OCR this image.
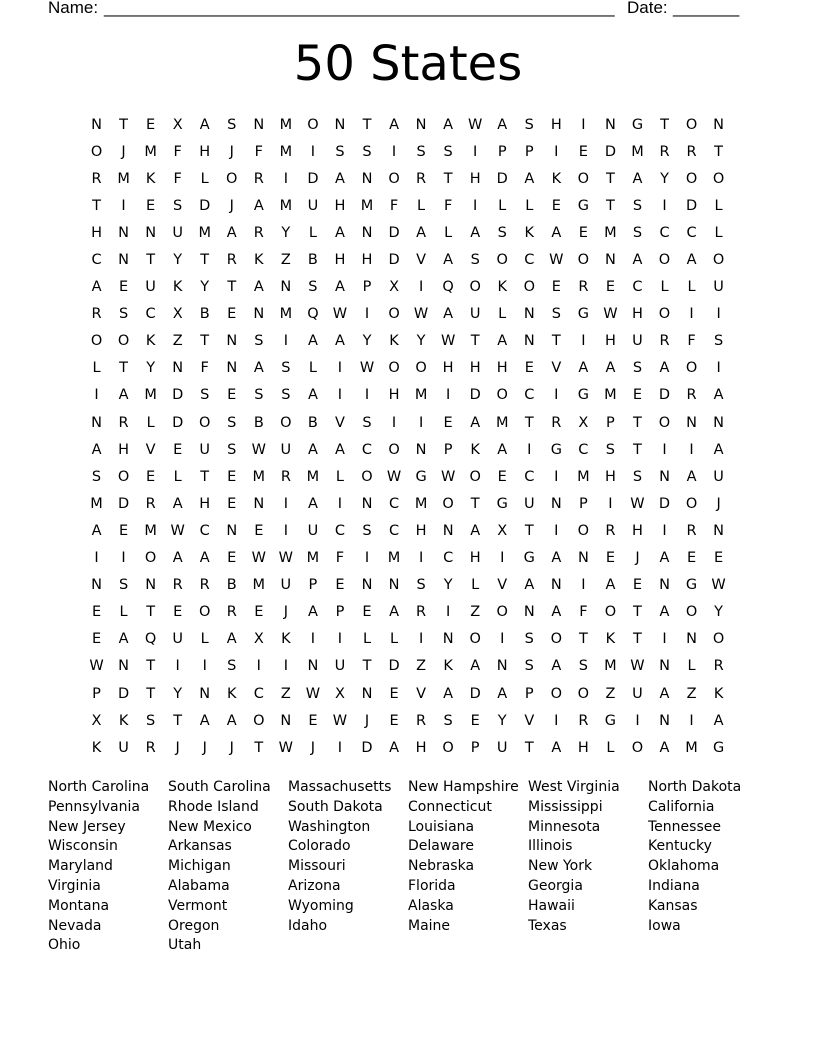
Name: ______________________________________________________ Date: _______
50 States
N	T	E	X	A	S	N	M	O	N	T	A	N	A	W	A	S	H	I	N	G	T	O	N
O	J	M	F	H	J	F	M	I	S	S	I	S	S	I	P	P	I	E	D	M	R	R	T
R	M	K	F	L	O	R	I	D	A	N	O	R	T	H	D	A	K	O	T	A	Y	O	O
T	I	E	S	D	J	A	M	U	H	M	F	L	F	I	L	L	E	G	T	S	I	D	L
H	N	N	U	M	A	R	Y	L	A	N	D	A	L	A	S	K	A	E	M	S	C	C	L
C	N	T	Y	T	R	K	Z	B	H	H	D	V	A	S	O	C	W O	N	A	O	A	O
A	E	U	K	Y	T	A	N	S	A	P	X	I	Q	O	K	O	E	R	E	C	L	L	U
R	S	C	X	B	E	N	M	Q W	I	O W	A	U	L	N	S	G W H	O	I	I
O	O	K	Z	T	N	S	I	A	A	Y	K	Y	W	T	A	N	T	I	H	U	R	F	S
L	T	Y	N	F	N	A	S	L	I	W O	O	H	H	H	E	V	A	A	S	A	O	I
I	A	M	D	S	E	S	S	A	I	I	H	M	I	D	O	C	I	G	M	E	D	R	A
N	R	L	D	O	S	B	O	B	V	S	I	I	E	A	M	T	R	X	P	T	O	N	N
A	H	V	E	U	S	W	U	A	A	C	O	N	P	K	A	I	G	C	S	T	I	I	A
S	O	E	L	T	E	M	R	M	L	O W G W O	E	C	I	M	H	S	N	A	U
M	D	R	A	H	E	N	I	A	I	N	C	M	O	T	G	U	N	P	I	W D	O	J
A	E	M W	C	N	E	I	U	C	S	C	H	N	A	X	T	I	O	R	H	I	R	N
I	I	O	A	A	E	W W M	F	I	M	I	C	H	I	G	A	N	E	J	A	E	E
N	S	N	R	R	B	M	U	P	E	N	N	S	Y	L	V	A	N	I	A	E	N	G W
E	L	T	E	O	R	E	J	A	P	E	A	R	I	Z	O	N	A	F	O	T	A	O	Y
E	A	Q	U	L	A	X	K	I	I	L	L	I	N	O	I	S	O	T	K	T	I	N	O
W N	T	I	I	S	I	I	N	U	T	D	Z	K	A	N	S	A	S	M W N	L	R
P	D	T	Y	N	K	C	Z	W	X	N	E	V	A	D	A	P	O	O	Z	U	A	Z	K
X	K	S	T	A	A	O	N	E	W	J	E	R	S	E	Y	V	I	R	G	I	N	I	A
K	U	R	J	J	J	T	W	J	I	D	A	H	O	P	U	T	A	H	L	O	A	M	G
North Carolina
Pennsylvania
New Jersey
Wisconsin
Maryland
Virginia
Montana
Nevada
Ohio
South Carolina
Rhode Island
New Mexico
Arkansas
Michigan
Alabama
Vermont
Oregon
Utah
Massachusetts
South Dakota
Washington
Colorado
Missouri
Arizona
Wyoming
Idaho
New Hampshire
Connecticut
Louisiana
Delaware
Nebraska
Florida
Alaska
Maine
West Virginia
Mississippi
Minnesota
Illinois
New York
Georgia
Hawaii
Texas
North Dakota
California
Tennessee
Kentucky
Oklahoma
Indiana
Kansas
Iowa
